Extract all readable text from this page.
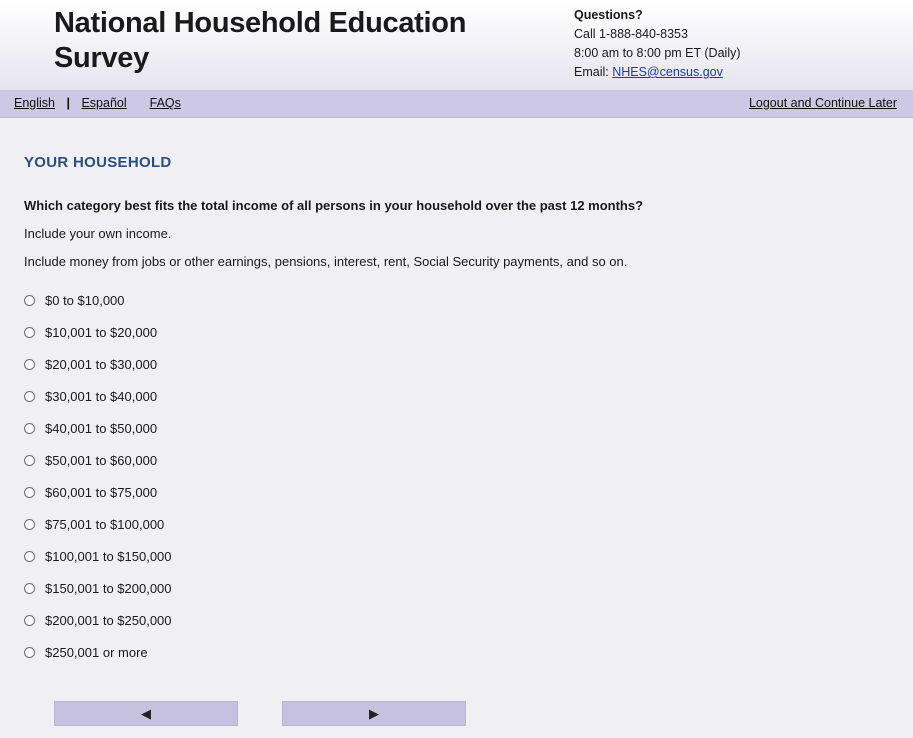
National Household Education Survey
Questions?
Call 1-888-840-8353
8:00 am to 8:00 pm ET (Daily)
Email: NHES@census.gov
English | Español FAQs	Logout and Continue Later
YOUR HOUSEHOLD
Which category best fits the total income of all persons in your household over the past 12 months?
Include your own income.
Include money from jobs or other earnings, pensions, interest, rent, Social Security payments, and so on.
$0 to $10,000
$10,001 to $20,000
$20,001 to $30,000
$30,001 to $40,000
$40,001 to $50,000
$50,001 to $60,000
$60,001 to $75,000
$75,001 to $100,000
$100,001 to $150,000
$150,001 to $200,000
$200,001 to $250,000
$250,001 or more
◀	▶
